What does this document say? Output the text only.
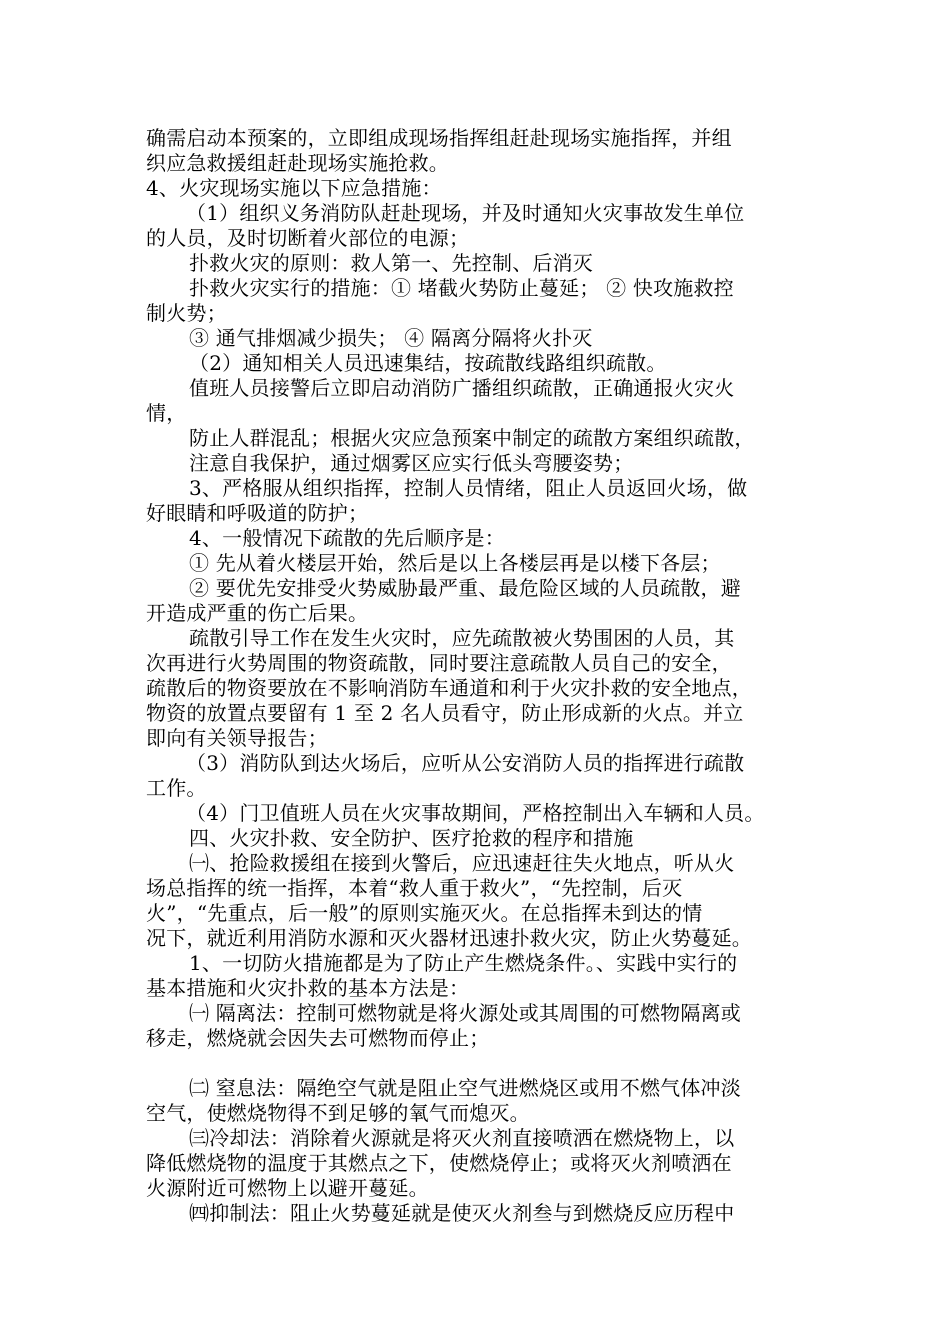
确需启动本预案的，立即组成现场指挥组赶赴现场实施指挥，并组
织应急救援组赶赴现场实施抢救。
4、火灾现场实施以下应急措施：
（1）组织义务消防队赶赴现场，并及时通知火灾事故发生单位
的人员，及时切断着火部位的电源；
扑救火灾的原则：救人第一、先控制、后消灭
扑救火灾实行的措施：① 堵截火势防止蔓延； ② 快攻施救控
制火势；
③ 通气排烟减少损失； ④ 隔离分隔将火扑灭
（2）通知相关人员迅速集结，按疏散线路组织疏散。
值班人员接警后立即启动消防广播组织疏散，正确通报火灾火
情，
防止人群混乱；根据火灾应急预案中制定的疏散方案组织疏散，
注意自我保护，通过烟雾区应实行低头弯腰姿势；
3、严格服从组织指挥，控制人员情绪，阻止人员返回火场，做
好眼睛和呼吸道的防护；
4、一般情况下疏散的先后顺序是：
① 先从着火楼层开始，然后是以上各楼层再是以楼下各层；
② 要优先安排受火势威胁最严重、最危险区域的人员疏散，避
开造成严重的伤亡后果。
疏散引导工作在发生火灾时，应先疏散被火势围困的人员，其
次再进行火势周围的物资疏散，同时要注意疏散人员自己的安全，
疏散后的物资要放在不影响消防车通道和利于火灾扑救的安全地点，
物资的放置点要留有 1 至 2 名人员看守，防止形成新的火点。并立
即向有关领导报告；
（3）消防队到达火场后，应听从公安消防人员的指挥进行疏散
工作。
（4）门卫值班人员在火灾事故期间，严格控制出入车辆和人员。
四、火灾扑救、安全防护、医疗抢救的程序和措施
㈠、抢险救援组在接到火警后，应迅速赶往失火地点，听从火
场总指挥的统一指挥，本着“救人重于救火”，“先控制，后灭
火”，“先重点，后一般”的原则实施灭火。在总指挥未到达的情
况下，就近利用消防水源和灭火器材迅速扑救火灾，防止火势蔓延。
1、一切防火措施都是为了防止产生燃烧条件。、实践中实行的
基本措施和火灾扑救的基本方法是：
㈠ 隔离法：控制可燃物就是将火源处或其周围的可燃物隔离或
移走，燃烧就会因失去可燃物而停止；
㈡ 窒息法：隔绝空气就是阻止空气进燃烧区或用不燃气体冲淡
空气，使燃烧物得不到足够的氧气而熄灭。
㈢冷却法：消除着火源就是将灭火剂直接喷洒在燃烧物上，以
降低燃烧物的温度于其燃点之下，使燃烧停止；或将灭火剂喷洒在
火源附近可燃物上以避开蔓延。
㈣抑制法：阻止火势蔓延就是使灭火剂叁与到燃烧反应历程中
